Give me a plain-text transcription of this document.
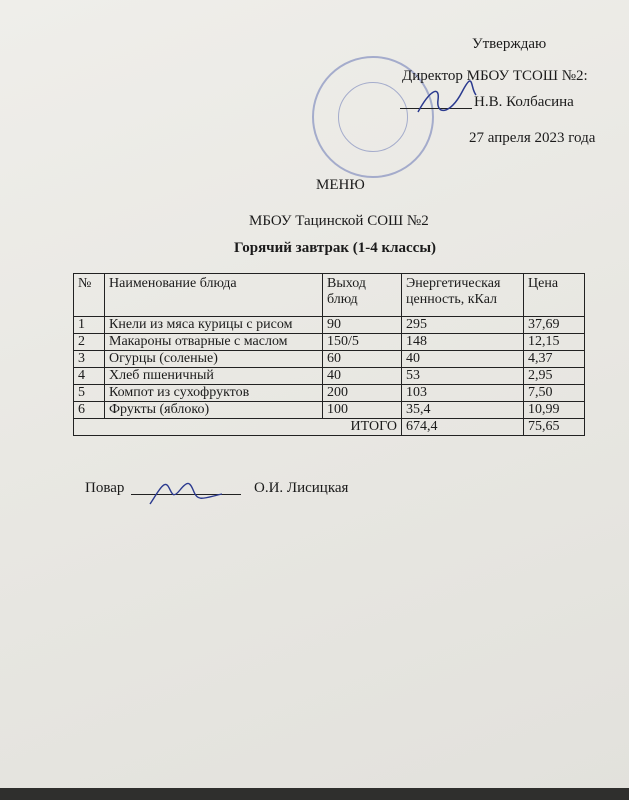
Утверждаю
Директор МБОУ ТСОШ №2:
Н.В. Колбасина
27 апреля 2023 года
МЕНЮ
МБОУ Тацинской СОШ №2
Горячий завтрак (1-4 классы)
№	Наименование блюда	Выход блюд	Энергетическая ценность, кКал	Цена
1	Кнели из мяса курицы с рисом	90	295	37,69
2	Макароны отварные с маслом	150/5	148	12,15
3	Огурцы (соленые)	60	40	4,37
4	Хлеб пшеничный	40	53	2,95
5	Компот из сухофруктов	200	103	7,50
6	Фрукты (яблоко)	100	35,4	10,99
ИТОГО			674,4	75,65
Повар	О.И. Лисицкая
